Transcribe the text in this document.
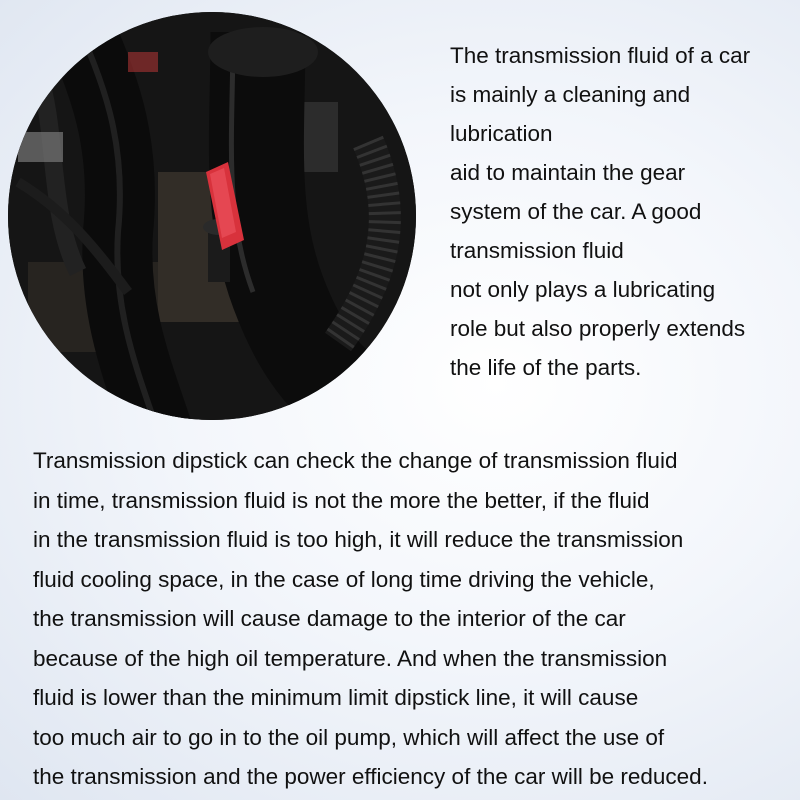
The transmission fluid of a car
is mainly a cleaning and
lubrication
aid to maintain the gear
system of the car. A good
transmission fluid
not only plays a lubricating
role but also properly extends
the life of the parts.
Transmission dipstick can check the change of transmission fluid
in time, transmission fluid is not the more the better, if the fluid
in the transmission fluid is too high, it will reduce the transmission
fluid cooling space, in the case of long time driving the vehicle,
the transmission will cause damage to the interior of the car
because of the high oil temperature. And when the transmission
fluid is lower than the minimum limit dipstick line, it will cause
too much air to go in to the oil pump, which will affect the use of
the transmission and the power efficiency of the car will be reduced.
